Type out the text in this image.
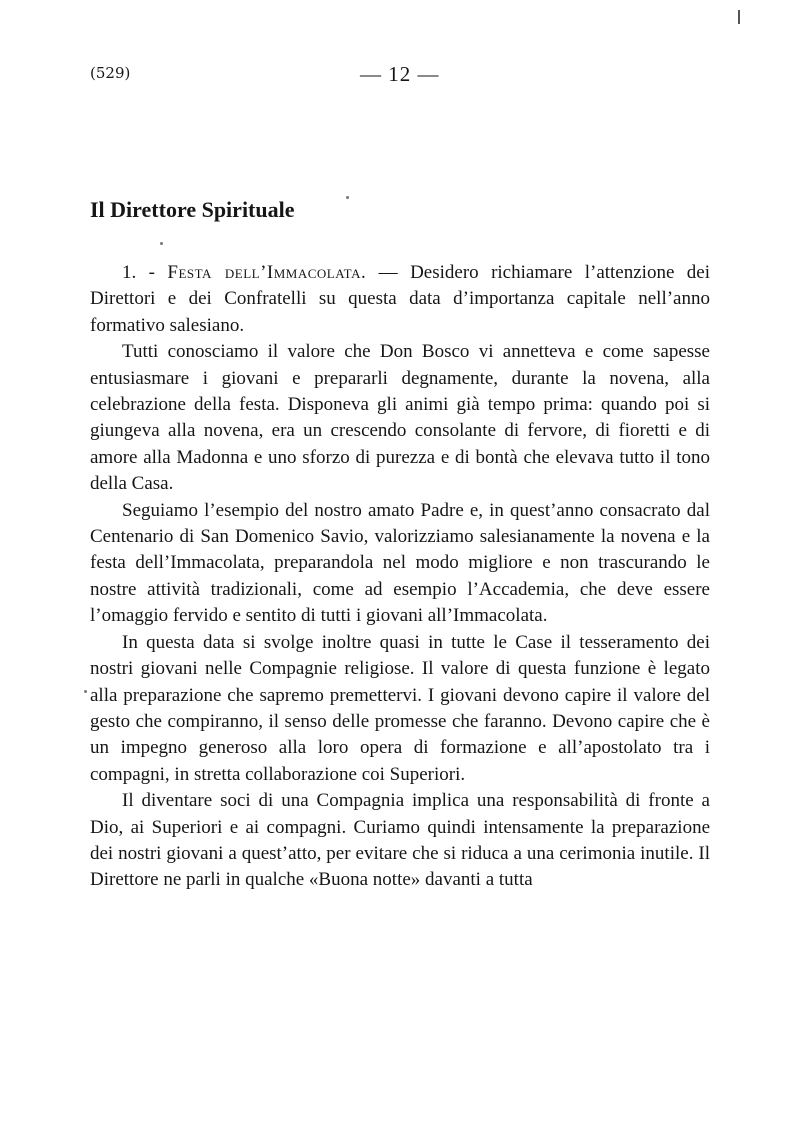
(529)	— 12 —
Il Direttore Spirituale

1. - Festa dell’Immacolata. — Desidero richiamare l’attenzione dei Direttori e dei Confratelli su questa data d’importanza capitale nell’anno formativo salesiano.

Tutti conosciamo il valore che Don Bosco vi annetteva e come sapesse entusiasmare i giovani e prepararli degnamente, durante la novena, alla celebrazione della festa. Disponeva gli animi già tempo prima: quando poi si giungeva alla novena, era un crescendo consolante di fervore, di fioretti e di amore alla Madonna e uno sforzo di purezza e di bontà che elevava tutto il tono della Casa.

Seguiamo l’esempio del nostro amato Padre e, in quest’anno consacrato dal Centenario di San Domenico Savio, valorizziamo salesianamente la novena e la festa dell’Immacolata, preparandola nel modo migliore e non trascurando le nostre attività tradizionali, come ad esempio l’Accademia, che deve essere l’omaggio fervido e sentito di tutti i giovani all’Immacolata.

In questa data si svolge inoltre quasi in tutte le Case il tesseramento dei nostri giovani nelle Compagnie religiose. Il valore di questa funzione è legato alla preparazione che sapremo premettervi. I giovani devono capire il valore del gesto che compiranno, il senso delle promesse che faranno. Devono capire che è un impegno generoso alla loro opera di formazione e all’apostolato tra i compagni, in stretta collaborazione coi Superiori.

Il diventare soci di una Compagnia implica una responsabilità di fronte a Dio, ai Superiori e ai compagni. Curiamo quindi intensamente la preparazione dei nostri giovani a quest’atto, per evitare che si riduca a una cerimonia inutile. Il Direttore ne parli in qualche «Buona notte» davanti a tutta
